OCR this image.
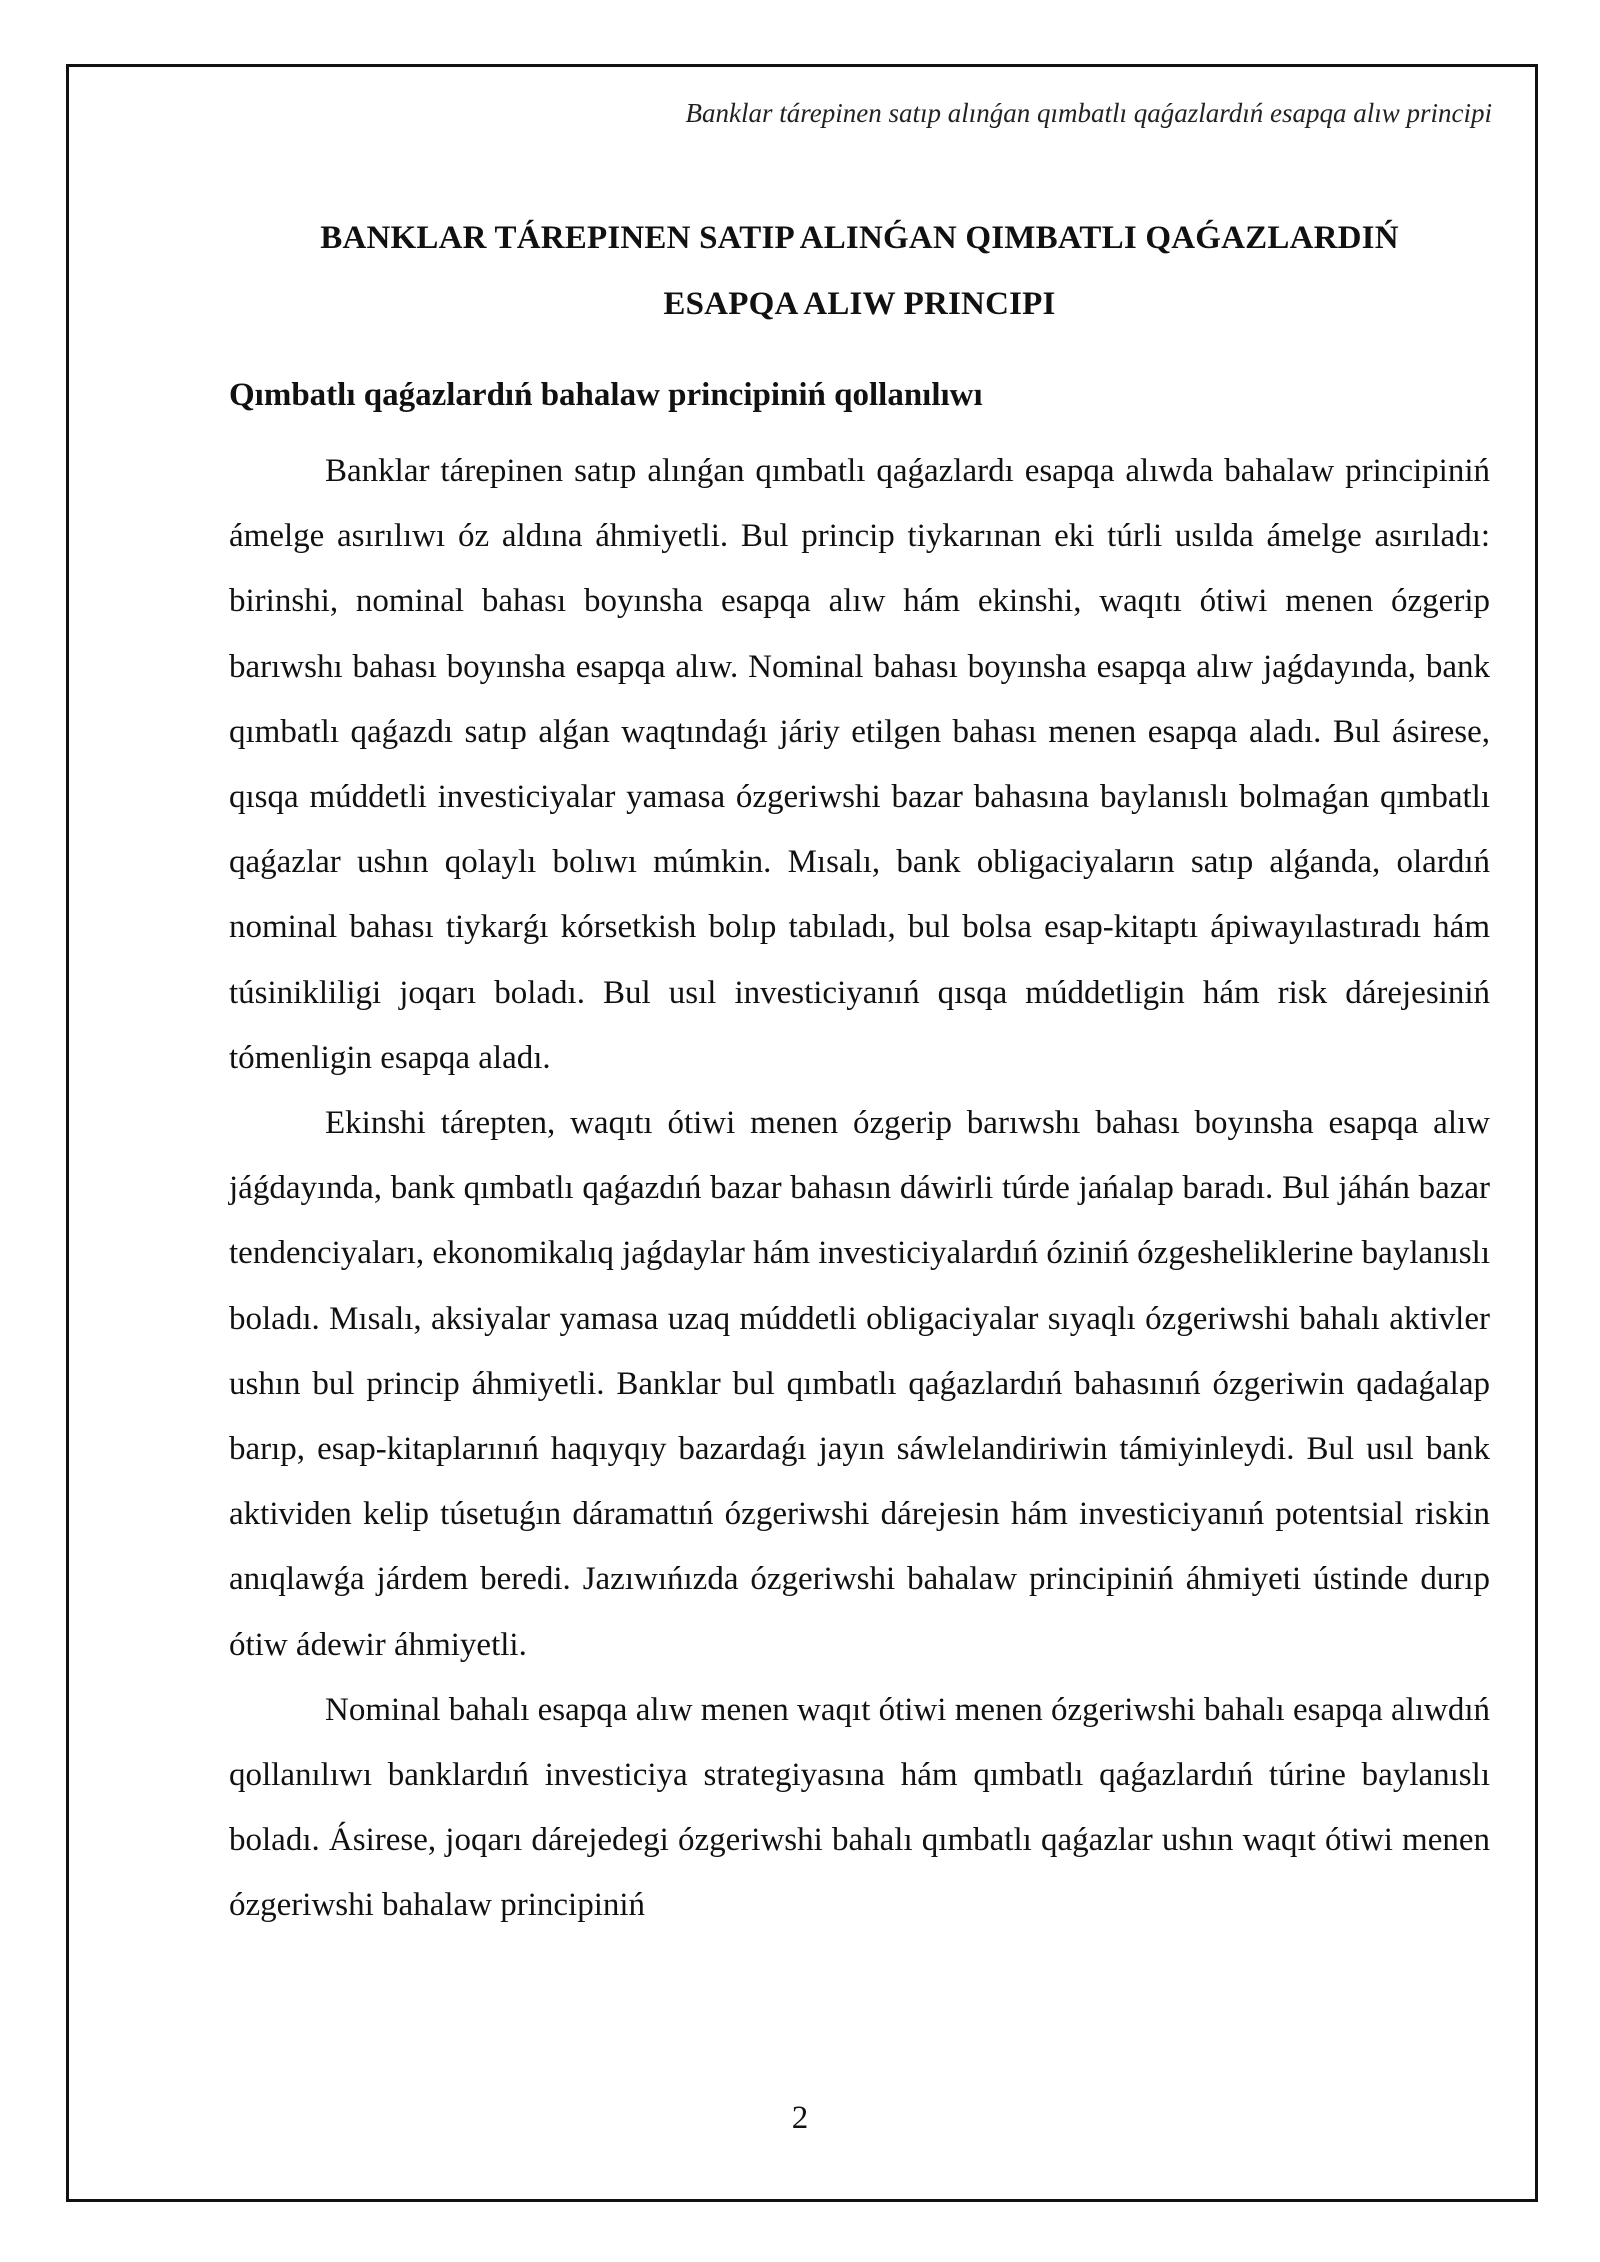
Banklar tárepinen satıp alınǵan qımbatlı qaǵazlardıń esapqa alıw principi
BANKLAR TÁREPINEN SATIP ALINǴAN QIMBATLI QAǴAZLARDIŃ
ESAPQA ALIW PRINCIPI
Qımbatlı qaǵazlardıń bahalaw principiniń qollanılıwı

Banklar tárepinen satıp alınǵan qımbatlı qaǵazlardı esapqa alıwda bahalaw principiniń ámelge asırılıwı óz aldına áhmiyetli. Bul princip tiykarınan eki túrli usılda ámelge asırıladı: birinshi, nominal bahası boyınsha esapqa alıw hám ekinshi, waqıtı ótiwi menen ózgerip barıwshı bahası boyınsha esapqa alıw. Nominal bahası boyınsha esapqa alıw jaǵdayında, bank qımbatlı qaǵazdı satıp alǵan waqtındaǵı járiy etilgen bahası menen esapqa aladı. Bul ásirese, qısqa múddetli investiciyalar yamasa ózgeriwshi bazar bahasına baylanıslı bolmaǵan qımbatlı qaǵazlar ushın qolaylı bolıwı múmkin. Mısalı, bank obligaciyaların satıp alǵanda, olardıń nominal bahası tiykarǵı kórsetkish bolıp tabıladı, bul bolsa esap-kitaptı ápiwayılastıradı hám túsinikliligi joqarı boladı. Bul usıl investiciyanıń qısqa múddetligin hám risk dárejesiniń tómenligin esapqa aladı.

Ekinshi tárepten, waqıtı ótiwi menen ózgerip barıwshı bahası boyınsha esapqa alıw jáǵdayında, bank qımbatlı qaǵazdıń bazar bahasın dáwirli túrde jańalap baradı. Bul jáhán bazar tendenciyaları, ekonomikalıq jaǵdaylar hám investiciyalardıń óziniń ózgesheliklerine baylanıslı boladı. Mısalı, aksiyalar yamasa uzaq múddetli obligaciyalar sıyaqlı ózgeriwshi bahalı aktivler ushın bul princip áhmiyetli. Banklar bul qımbatlı qaǵazlardıń bahasınıń ózgeriwin qadaǵalap barıp, esap-kitaplarınıń haqıyqıy bazardaǵı jayın sáwlelandiriwin támiyinleydi. Bul usıl bank aktividen kelip túsetuǵın dáramattıń ózgeriwshi dárejesin hám investiciyanıń potentsial riskin anıqlawǵa járdem beredi. Jazıwıńızda ózgeriwshi bahalaw principiniń áhmiyeti ústinde durıp ótiw ádewir áhmiyetli.

Nominal bahalı esapqa alıw menen waqıt ótiwi menen ózgeriwshi bahalı esapqa alıwdıń qollanılıwı banklardıń investiciya strategiyasına hám qımbatlı qaǵazlardıń túrine baylanıslı boladı. Ásirese, joqarı dárejedegi ózgeriwshi bahalı qımbatlı qaǵazlar ushın waqıt ótiwi menen ózgeriwshi bahalaw principiniń

2
